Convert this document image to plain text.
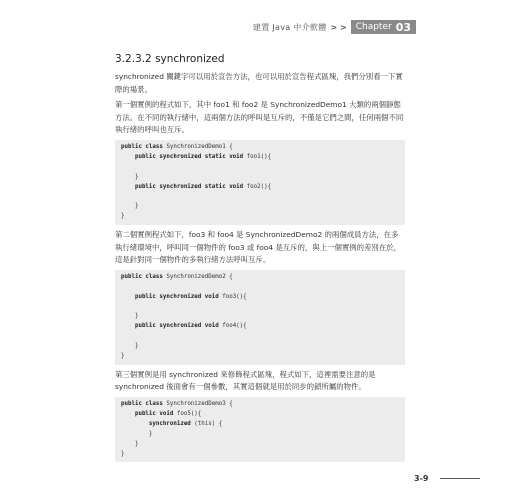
建置 Java 中介軟體 > > Chapter 03
3.2.3.2 synchronized

synchronized 關鍵字可以用於宣告方法，也可以用於宣告程式區塊，我們分別看一下實際的場景。

第一個實例的程式如下，其中 foo1 和 foo2 是 SynchronizedDemo1 大類的兩個靜態方法。在不同的執行緒中，這兩個方法的呼叫是互斥的，不僅是它們之間，任何兩個不同執行緒的呼叫也互斥。

public class SynchronizedDemo1 {
public synchronized static void foo1(){
}
public synchronized static void foo2(){
}
}

第二個實例程式如下，foo3 和 foo4 是 SynchronizedDemo2 的兩個成員方法，在多執行緒環境中，呼叫同一個物件的 foo3 或 foo4 是互斥的，與上一個實例的差別在於，這是針對同一個物件的多執行緒方法呼叫互斥。

public class SynchronizedDemo2 {
public synchronized void foo3(){
}
public synchronized void foo4(){
}
}

第三個實例是用 synchronized 來修飾程式區塊，程式如下，這裡需要注意的是 synchronized 後面會有一個參數，其實這個就是用於同步的鎖所屬的物件。

public class SynchronizedDemo3 {
public void foo5(){
synchronized (this) {
}
}
}
3-9
